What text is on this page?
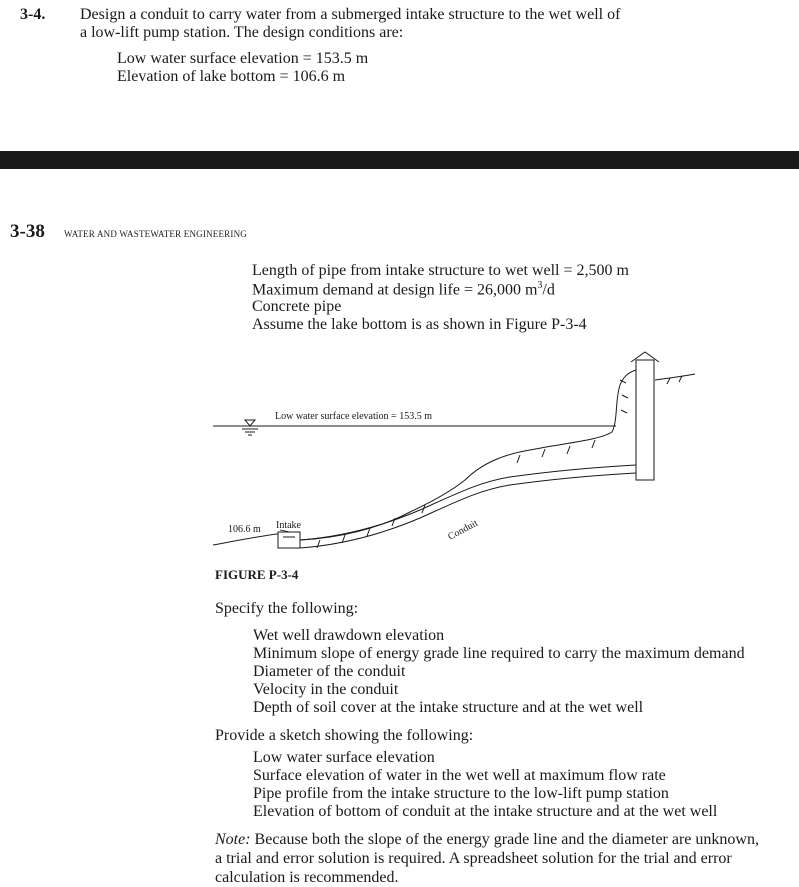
3-4. Design a conduit to carry water from a submerged intake structure to the wet well of
a low-lift pump station. The design conditions are:
Low water surface elevation = 153.5 m
Elevation of lake bottom = 106.6 m
3-38 WATER AND WASTEWATER ENGINEERING
Length of pipe from intake structure to wet well = 2,500 m
Maximum demand at design life = 26,000 $m^3/d$
Concrete pipe
Assume the lake bottom is as shown in Figure P-3-4
Low water surface elevation = 153.5 m
106.6 m Intake	Conduit
FIGURE P-3-4
Specify the following:
Wet well drawdown elevation
Minimum slope of energy grade line required to carry the maximum demand
Diameter of the conduit
Velocity in the conduit
Depth of soil cover at the intake structure and at the wet well
Provide a sketch showing the following:
Low water surface elevation
Surface elevation of water in the wet well at maximum flow rate
Pipe profile from the intake structure to the low-lift pump station
Elevation of bottom of conduit at the intake structure and at the wet well
Note: Because both the slope of the energy grade line and the diameter are unknown, a trial and error solution is required. A spreadsheet solution for the trial and error calculation is recommended.
